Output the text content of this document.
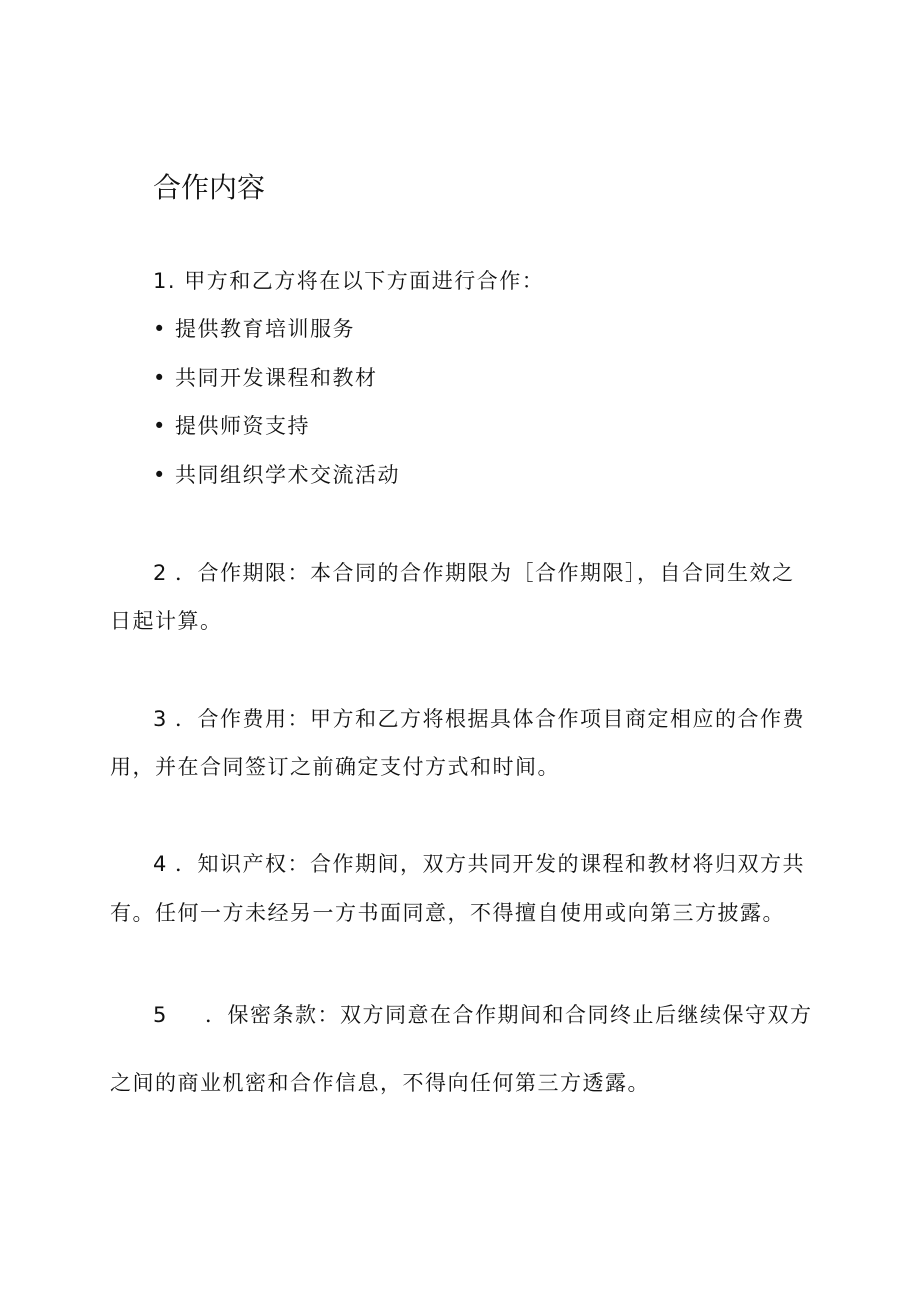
合作内容
1. 甲方和乙方将在以下方面进行合作：
• 提供教育培训服务
• 共同开发课程和教材
• 提供师资支持
• 共同组织学术交流活动
2 ．合作期限：本合同的合作期限为［合作期限］，自合同生效之
日起计算。
3 ．合作费用：甲方和乙方将根据具体合作项目商定相应的合作费
用，并在合同签订之前确定支付方式和时间。
4 ．知识产权：合作期间，双方共同开发的课程和教材将归双方共
有。任何一方未经另一方书面同意，不得擅自使用或向第三方披露。
5 ．保密条款：双方同意在合作期间和合同终止后继续保守双方
之间的商业机密和合作信息，不得向任何第三方透露。
